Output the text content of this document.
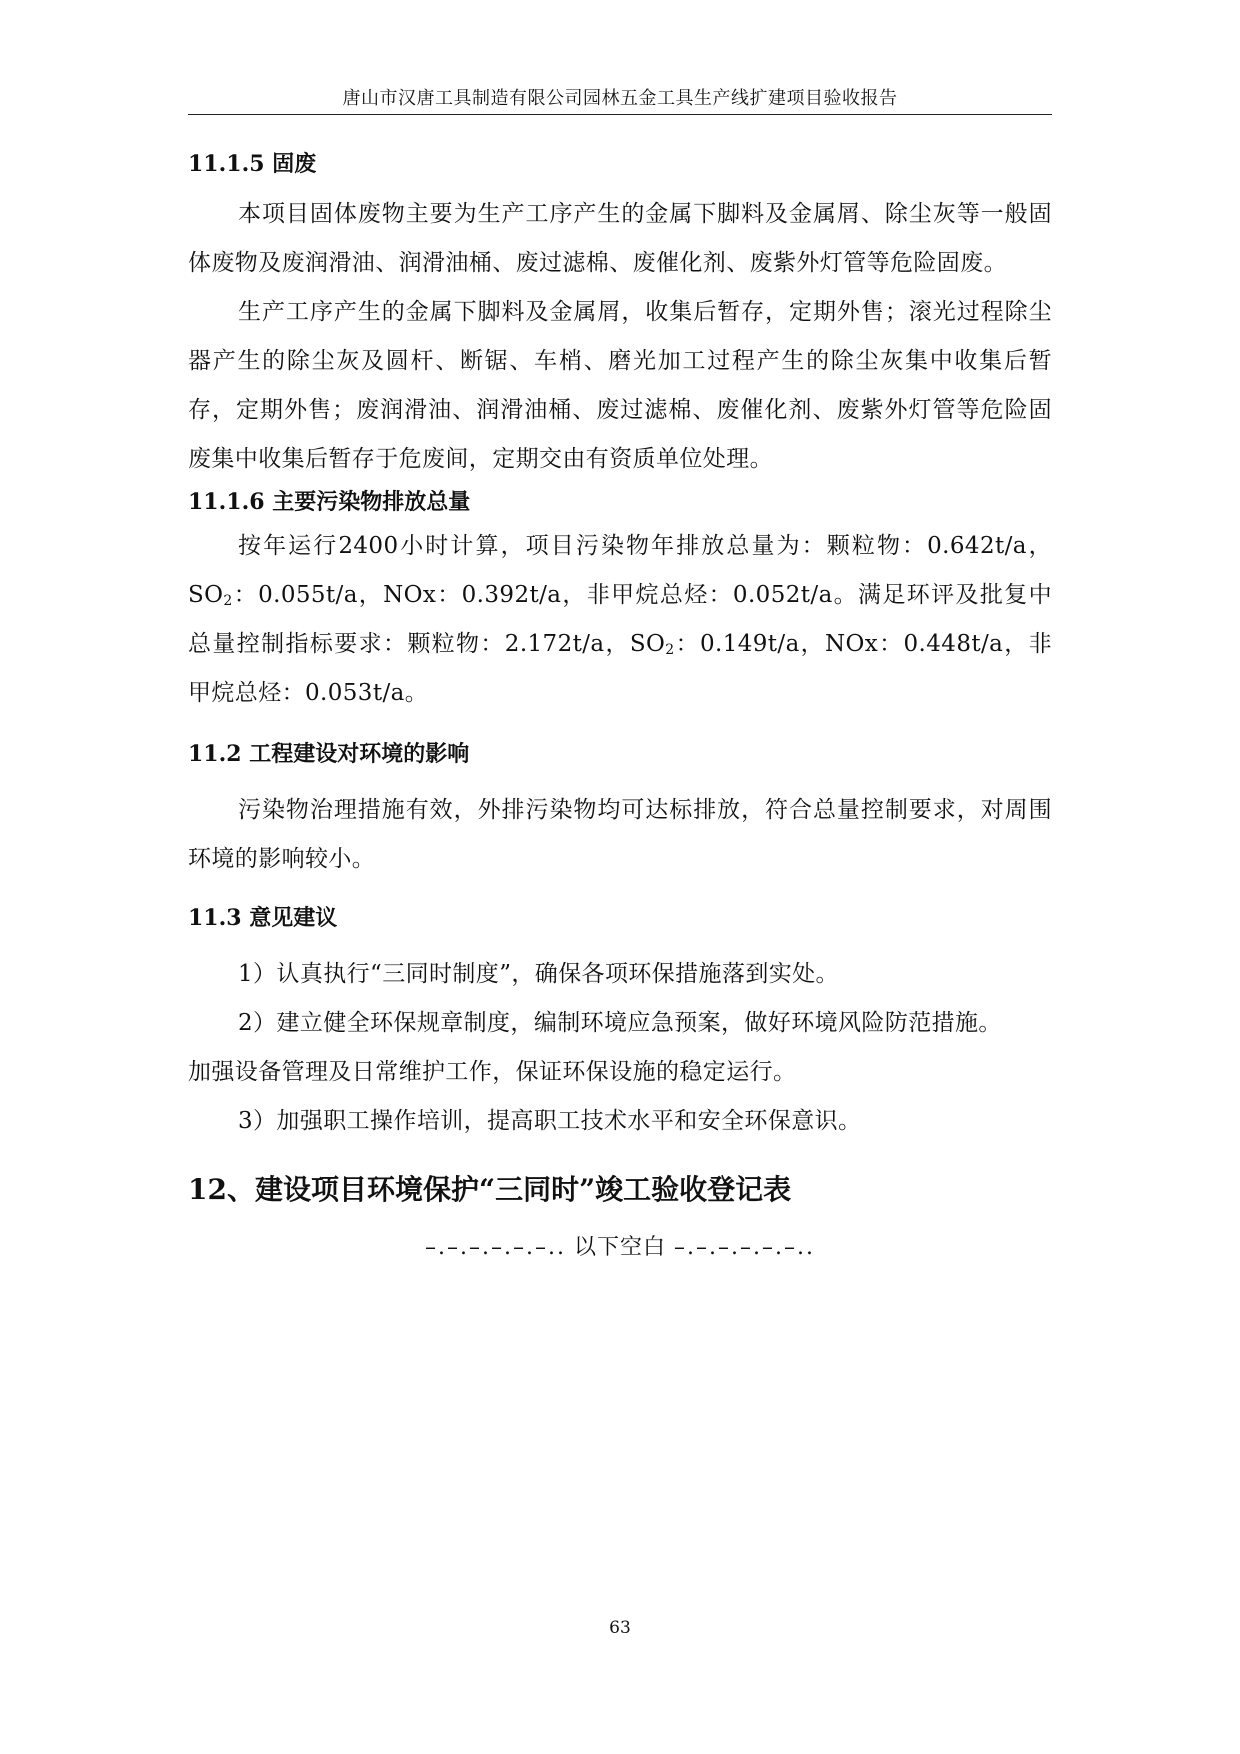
唐山市汉唐工具制造有限公司园林五金工具生产线扩建项目验收报告
11.1.5 固废

本项目固体废物主要为生产工序产生的金属下脚料及金属屑、除尘灰等一般固体废物及废润滑油、润滑油桶、废过滤棉、废催化剂、废紫外灯管等危险固废。

生产工序产生的金属下脚料及金属屑，收集后暂存，定期外售；滚光过程除尘器产生的除尘灰及圆杆、断锯、车梢、磨光加工过程产生的除尘灰集中收集后暂存，定期外售；废润滑油、润滑油桶、废过滤棉、废催化剂、废紫外灯管等危险固废集中收集后暂存于危废间，定期交由有资质单位处理。

11.1.6 主要污染物排放总量

按年运行2400小时计算，项目污染物年排放总量为：颗粒物：0.642t/a，$SO_2$：0.055t/a，NOx：0.392t/a，非甲烷总烃：0.052t/a。满足环评及批复中总量控制指标要求：颗粒物：2.172t/a，$SO_2$：0.149t/a，NOx：0.448t/a，非甲烷总烃：0.053t/a。

11.2 工程建设对环境的影响

污染物治理措施有效，外排污染物均可达标排放，符合总量控制要求，对周围环境的影响较小。

11.3 意见建议

1）认真执行“三同时制度”，确保各项环保措施落到实处。

2）建立健全环保规章制度，编制环境应急预案，做好环境风险防范措施。

加强设备管理及日常维护工作，保证环保设施的稳定运行。

3）加强职工操作培训，提高职工技术水平和安全环保意识。

12、建设项目环境保护“三同时”竣工验收登记表
–.–.–.–.–.–.. 以下空白 –.–.–.–.–.–..
63
